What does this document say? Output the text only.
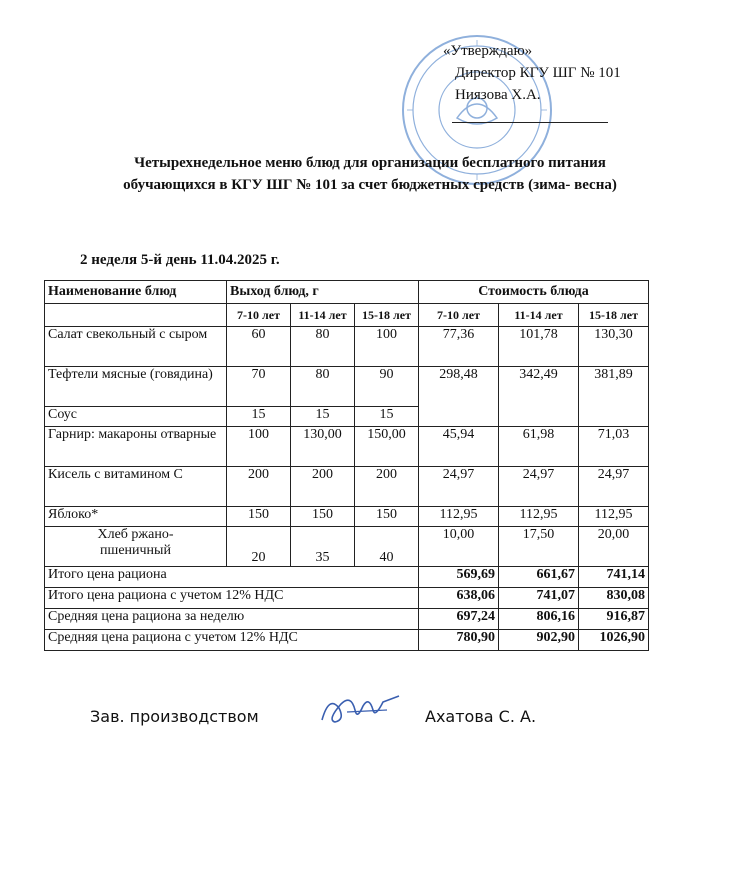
«Утверждаю»
Директор КГУ ШГ № 101
Ниязова Х.А.
Четырехнедельное меню блюд для организации бесплатного питания
обучающихся в КГУ ШГ № 101 за счет бюджетных средств (зима- весна)
2 неделя 5-й день 11.04.2025 г.
Наименование блюд	Выход блюд, г			Стоимость блюда		
	7-10 лет	11-14 лет	15-18 лет	7-10 лет	11-14 лет	15-18 лет
Салат свекольный с сыром	60	80	100	77,36	101,78	130,30
Тефтели мясные (говядина)	70	80	90	298,48	342,49	381,89
Соус	15	15	15			
Гарнир: макароны отварные	100	130,00	150,00	45,94	61,98	71,03
Кисель с витамином С	200	200	200	24,97	24,97	24,97
Яблоко*	150	150	150	112,95	112,95	112,95
Хлеб ржано-пшеничный	20	35	40	10,00	17,50	20,00
Итого цена рациона				569,69	661,67	741,14
Итого цена рациона с учетом 12% НДС				638,06	741,07	830,08
Средняя цена рациона за неделю				697,24	806,16	916,87
Средняя цена рациона с учетом 12% НДС				780,90	902,90	1026,90
Зав. производством	Ахатова С. А.
